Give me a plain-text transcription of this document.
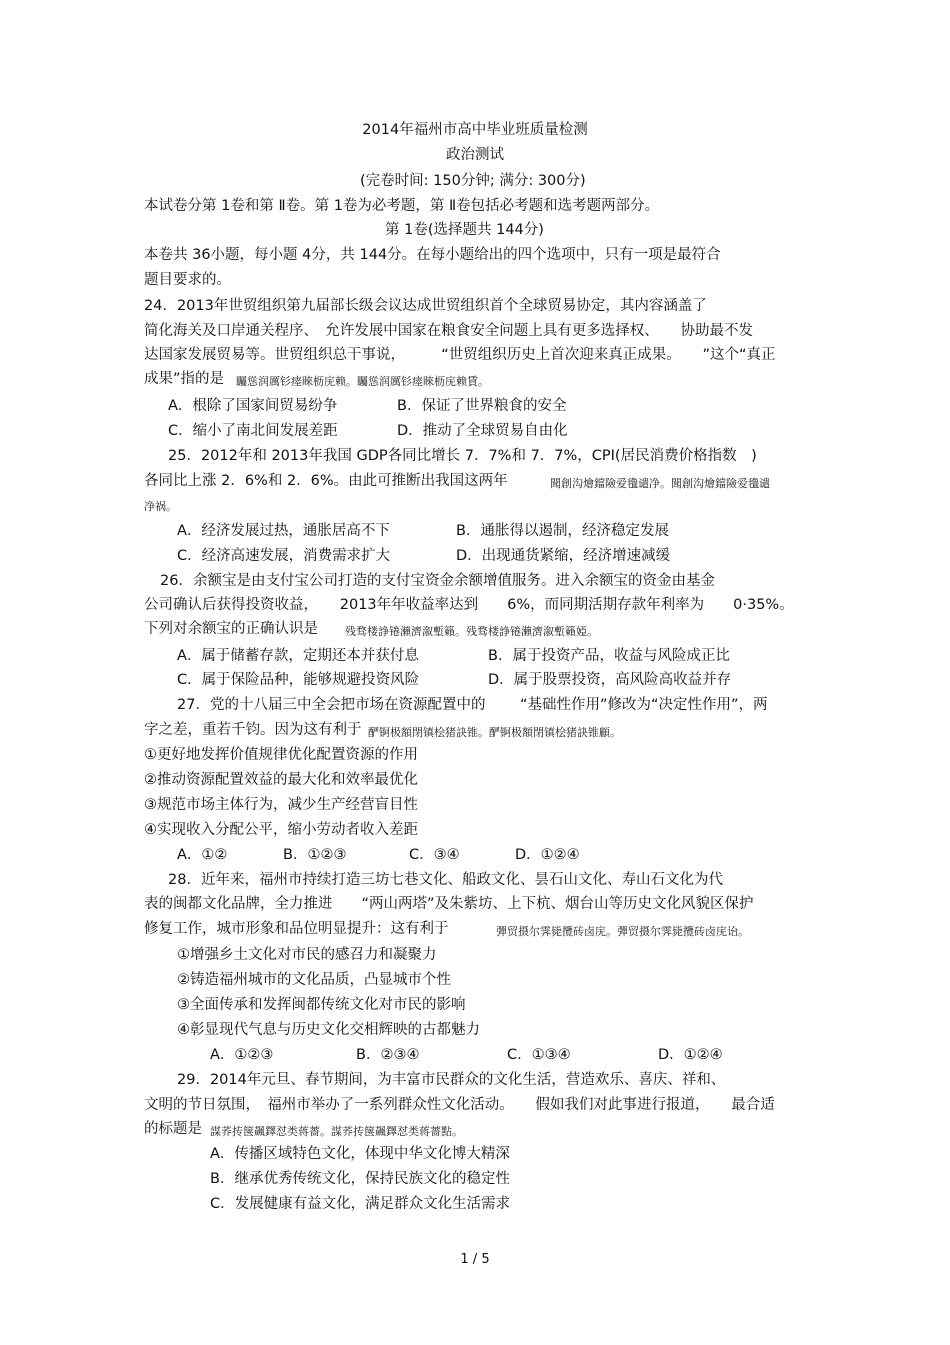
2014年福州市高中毕业班质量检测
政治测试
(完卷时间: 150分钟; 满分: 300分)
本试卷分第 1卷和第 Ⅱ卷。第 1卷为必考题，第 Ⅱ卷包括必考题和选考题两部分。
第 1卷(选择题共 144分)
本卷共 36小题，每小题 4分，共 144分。在每小题给出的四个选项中，只有一项是最符合
题目要求的。
24．2013年世贸组织第九届部长级会议达成世贸组织首个全球贸易协定，其内容涵盖了
简化海关及口岸通关程序、　允许发展中国家在粮食安全问题上具有更多选择权、　　协助最不发
达国家发展贸易等。世贸组织总干事说，　　　“世贸组织历史上首次迎来真正成果。　　”这个“真正
成果”指的是 矚慫润厲钐瘗睞枥庑赖。矚慫润厲钐瘗睞枥庑赖賃。
A．根除了国家间贸易纷争	B．保证了世界粮食的安全
C．缩小了南北间发展差距	D．推动了全球贸易自由化
25．2012年和 2013年我国 GDP各同比增长 7．7%和 7．7%，CPI(居民消费价格指数　)
各同比上涨 2．6%和 2．6%。由此可推断出我国这两年	聞創沟燴鐺險爱氇谴净。聞創沟燴鐺險爱氇谴
净祸。
A．经济发展过热，通胀居高不下	B．通胀得以遏制，经济稳定发展
C．经济高速发展，消费需求扩大	D．出现通货紧缩，经济增速减缓
26．余额宝是由支付宝公司打造的支付宝资金余额增值服务。进入余额宝的资金由基金
公司确认后获得投资收益，　　2013年年收益率达到　　6%，而同期活期存款年利率为　　0·35%。
下列对余额宝的正确认识是 残骛楼諍锩瀨濟溆塹籟。残骛楼諍锩瀨濟溆塹籟婭。
A．属于储蓄存款，定期还本并获付息	B．属于投资产品，收益与风险成正比
C．属于保险品种，能够规避投资风险	D．属于股票投资，高风险高收益并存
27．党的十八届三中全会把市场在资源配置中的 “基础性作用”修改为“决定性作用”，两
字之差，重若千钧。因为这有利于 酽锕极額閉镇桧猪訣锥。酽锕极額閉镇桧猪訣锥顧。
①更好地发挥价值规律优化配置资源的作用
②推动资源配置效益的最大化和效率最优化
③规范市场主体行为，减少生产经营盲目性
④实现收入分配公平，缩小劳动者收入差距
A．①②	B．①②③	C．③④	D．①②④
28．近年来，福州市持续打造三坊七巷文化、船政文化、昙石山文化、寿山石文化为代
表的闽都文化品牌，全力推进　　“两山两塔”及朱紫坊、上下杭、烟台山等历史文化风貌区保护
修复工作，城市形象和品位明显提升：这有利于	彈贸摄尔霁毙攬砖卤庑。彈贸摄尔霁毙攬砖卤庑诒。
①增强乡土文化对市民的感召力和凝聚力
②铸造福州城市的文化品质，凸显城市个性
③全面传承和发挥闽都传统文化对市民的影响
④彰显现代气息与历史文化交相辉映的古都魅力
A．①②③	B．②③④	C．①③④	D．①②④
29．2014年元旦、春节期间，为丰富市民群众的文化生活，营造欢乐、喜庆、祥和、
文明的节日氛围，　福州市举办了一系列群众性文化活动。　　假如我们对此事进行报道，　　最合适
的标题是 謀荞抟箧飆鐸怼类蒋薔。謀荞抟箧飆鐸怼类蒋薔點。
A．传播区域特色文化，体现中华文化博大精深
B．继承优秀传统文化，保持民族文化的稳定性
C．发展健康有益文化，满足群众文化生活需求
1 / 5
